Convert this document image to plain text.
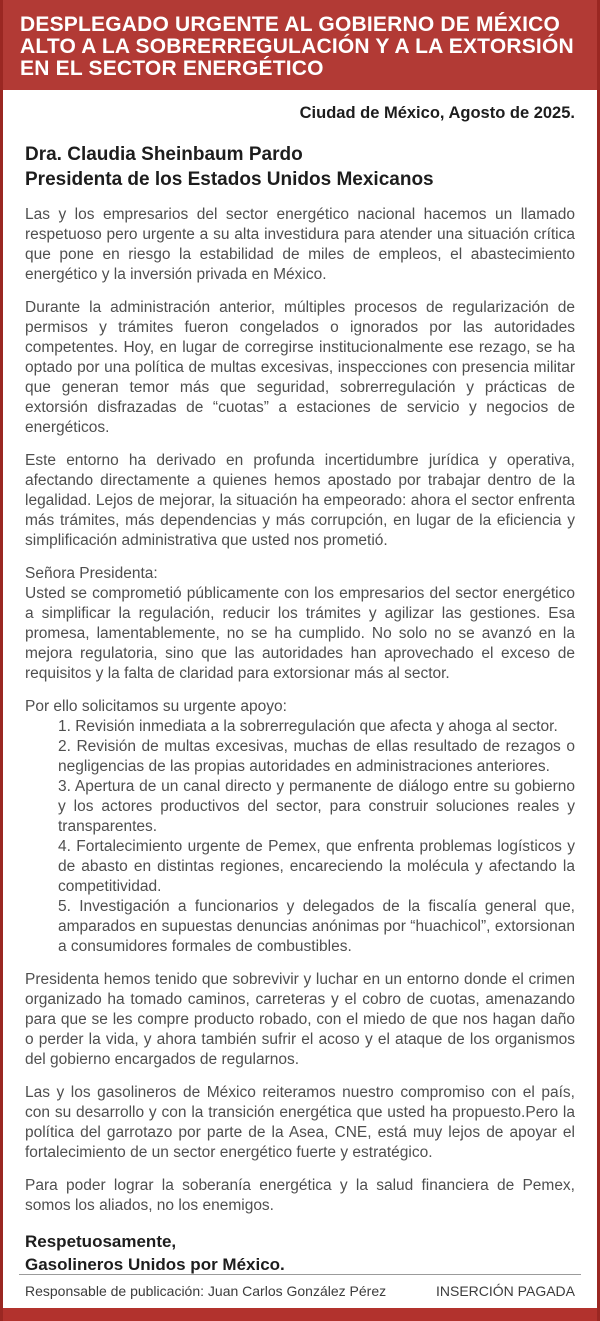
DESPLEGADO URGENTE AL GOBIERNO DE MÉXICO
ALTO A LA SOBRERREGULACIÓN Y A LA EXTORSIÓN
EN EL SECTOR ENERGÉTICO

Ciudad de México, Agosto de 2025.

Dra. Claudia Sheinbaum Pardo
Presidenta de los Estados Unidos Mexicanos

Las y los empresarios del sector energético nacional hacemos un llamado respetuoso pero urgente a su alta investidura para atender una situación crítica que pone en riesgo la estabilidad de miles de empleos, el abastecimiento energético y la inversión privada en México.

Durante la administración anterior, múltiples procesos de regularización de permisos y trámites fueron congelados o ignorados por las autoridades competentes. Hoy, en lugar de corregirse institucionalmente ese rezago, se ha optado por una política de multas excesivas, inspecciones con presencia militar que generan temor más que seguridad, sobrerregulación y prácticas de extorsión disfrazadas de “cuotas” a estaciones de servicio y negocios de energéticos.

Este entorno ha derivado en profunda incertidumbre jurídica y operativa, afectando directamente a quienes hemos apostado por trabajar dentro de la legalidad. Lejos de mejorar, la situación ha empeorado: ahora el sector enfrenta más trámites, más dependencias y más corrupción, en lugar de la eficiencia y simplificación administrativa que usted nos prometió.

Señora Presidenta:

Usted se comprometió públicamente con los empresarios del sector energético a simplificar la regulación, reducir los trámites y agilizar las gestiones. Esa promesa, lamentablemente, no se ha cumplido. No solo no se avanzó en la mejora regulatoria, sino que las autoridades han aprovechado el exceso de requisitos y la falta de claridad para extorsionar más al sector.

Por ello solicitamos su urgente apoyo:

1. Revisión inmediata a la sobrerregulación que afecta y ahoga al sector.

2. Revisión de multas excesivas, muchas de ellas resultado de rezagos o negligencias de las propias autoridades en administraciones anteriores.

3. Apertura de un canal directo y permanente de diálogo entre su gobierno y los actores productivos del sector, para construir soluciones reales y transparentes.

4. Fortalecimiento urgente de Pemex, que enfrenta problemas logísticos y de abasto en distintas regiones, encareciendo la molécula y afectando la competitividad.

5. Investigación a funcionarios y delegados de la fiscalía general que, amparados en supuestas denuncias anónimas por “huachicol”, extorsionan a consumidores formales de combustibles.

Presidenta hemos tenido que sobrevivir y luchar en un entorno donde el crimen organizado ha tomado caminos, carreteras y el cobro de cuotas, amenazando para que se les compre producto robado, con el miedo de que nos hagan daño o perder la vida, y ahora también sufrir el acoso y el ataque de los organismos del gobierno encargados de regularnos.

Las y los gasolineros de México reiteramos nuestro compromiso con el país, con su desarrollo y con la transición energética que usted ha propuesto.Pero la política del garrotazo por parte de la Asea, CNE, está muy lejos de apoyar el fortalecimiento de un sector energético fuerte y estratégico.

Para poder lograr la soberanía energética y la salud financiera de Pemex, somos los aliados, no los enemigos.

Respetuosamente,
Gasolineros Unidos por México.
Responsable de publicación: Juan Carlos González Pérez	INSERCIÓN PAGADA
